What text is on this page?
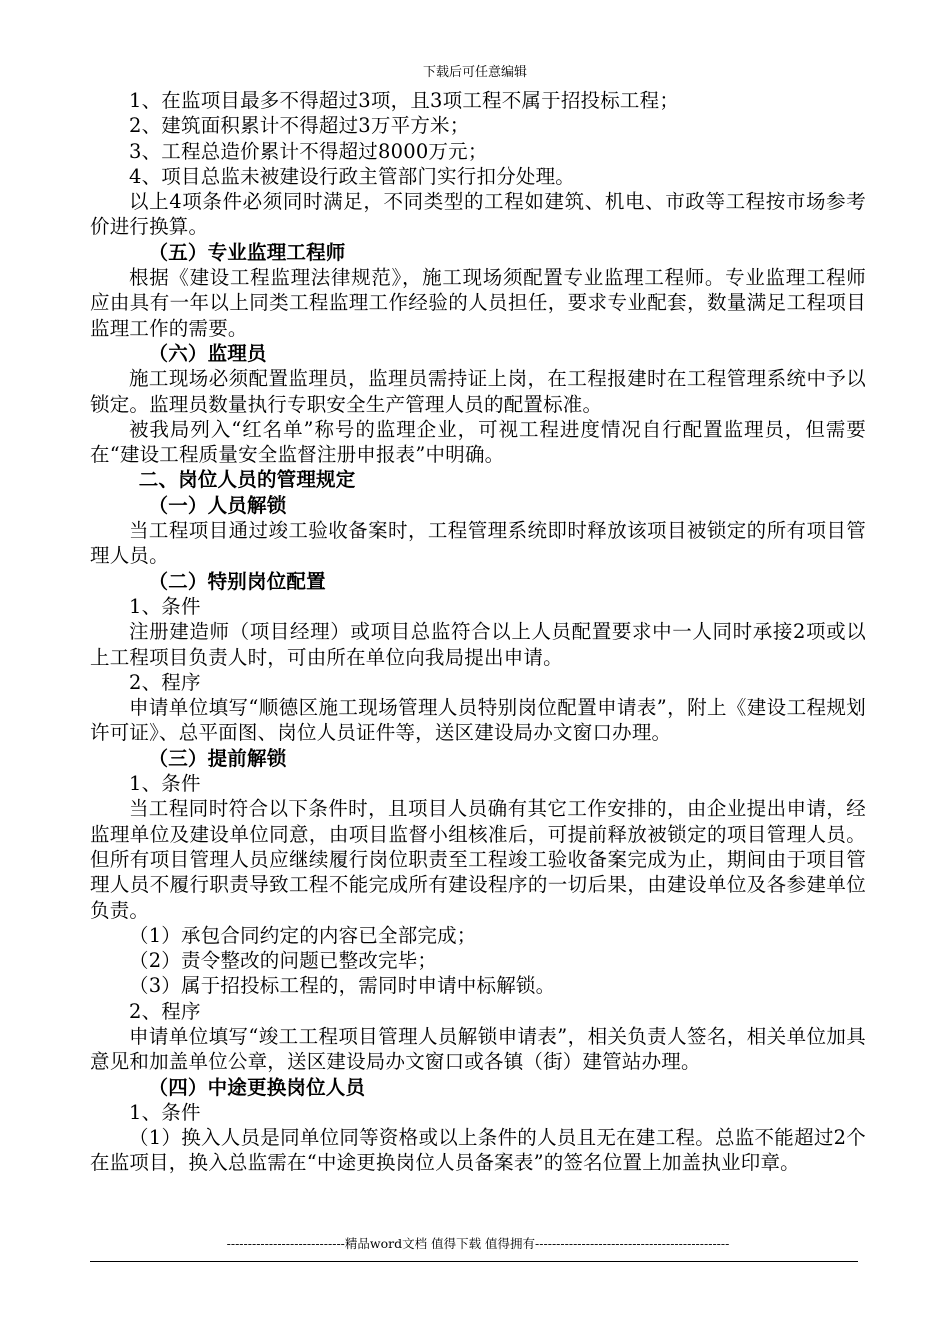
下载后可任意编辑

1、在监项目最多不得超过3项，且3项工程不属于招投标工程；

2、建筑面积累计不得超过3万平方米；

3、工程总造价累计不得超过8000万元；

4、项目总监未被建设行政主管部门实行扣分处理。

以上4项条件必须同时满足，不同类型的工程如建筑、机电、市政等工程按市场参考价进行换算。

（五）专业监理工程师

根据《建设工程监理法律规范》，施工现场须配置专业监理工程师。专业监理工程师应由具有一年以上同类工程监理工作经验的人员担任，要求专业配套，数量满足工程项目监理工作的需要。

（六）监理员

施工现场必须配置监理员，监理员需持证上岗，在工程报建时在工程管理系统中予以锁定。监理员数量执行专职安全生产管理人员的配置标准。

被我局列入“红名单”称号的监理企业，可视工程进度情况自行配置监理员，但需要在“建设工程质量安全监督注册申报表”中明确。

二、岗位人员的管理规定

（一）人员解锁

当工程项目通过竣工验收备案时，工程管理系统即时释放该项目被锁定的所有项目管理人员。

（二）特别岗位配置

1、条件

注册建造师（项目经理）或项目总监符合以上人员配置要求中一人同时承接2项或以上工程项目负责人时，可由所在单位向我局提出申请。

2、程序

申请单位填写“顺德区施工现场管理人员特别岗位配置申请表”，附上《建设工程规划许可证》、总平面图、岗位人员证件等，送区建设局办文窗口办理。

（三）提前解锁

1、条件

当工程同时符合以下条件时，且项目人员确有其它工作安排的，由企业提出申请，经监理单位及建设单位同意，由项目监督小组核准后，可提前释放被锁定的项目管理人员。但所有项目管理人员应继续履行岗位职责至工程竣工验收备案完成为止，期间由于项目管理人员不履行职责导致工程不能完成所有建设程序的一切后果，由建设单位及各参建单位负责。

（1）承包合同约定的内容已全部完成；

（2）责令整改的问题已整改完毕；

（3）属于招投标工程的，需同时申请中标解锁。

2、程序

申请单位填写“竣工工程项目管理人员解锁申请表”，相关负责人签名，相关单位加具意见和加盖单位公章，送区建设局办文窗口或各镇（街）建管站办理。

（四）中途更换岗位人员

1、条件

（1）换入人员是同单位同等资格或以上条件的人员且无在建工程。总监不能超过2个在监项目，换入总监需在“中途更换岗位人员备案表”的签名位置上加盖执业印章。

----------------------------精品word文档 值得下载 值得拥有----------------------------------------------
